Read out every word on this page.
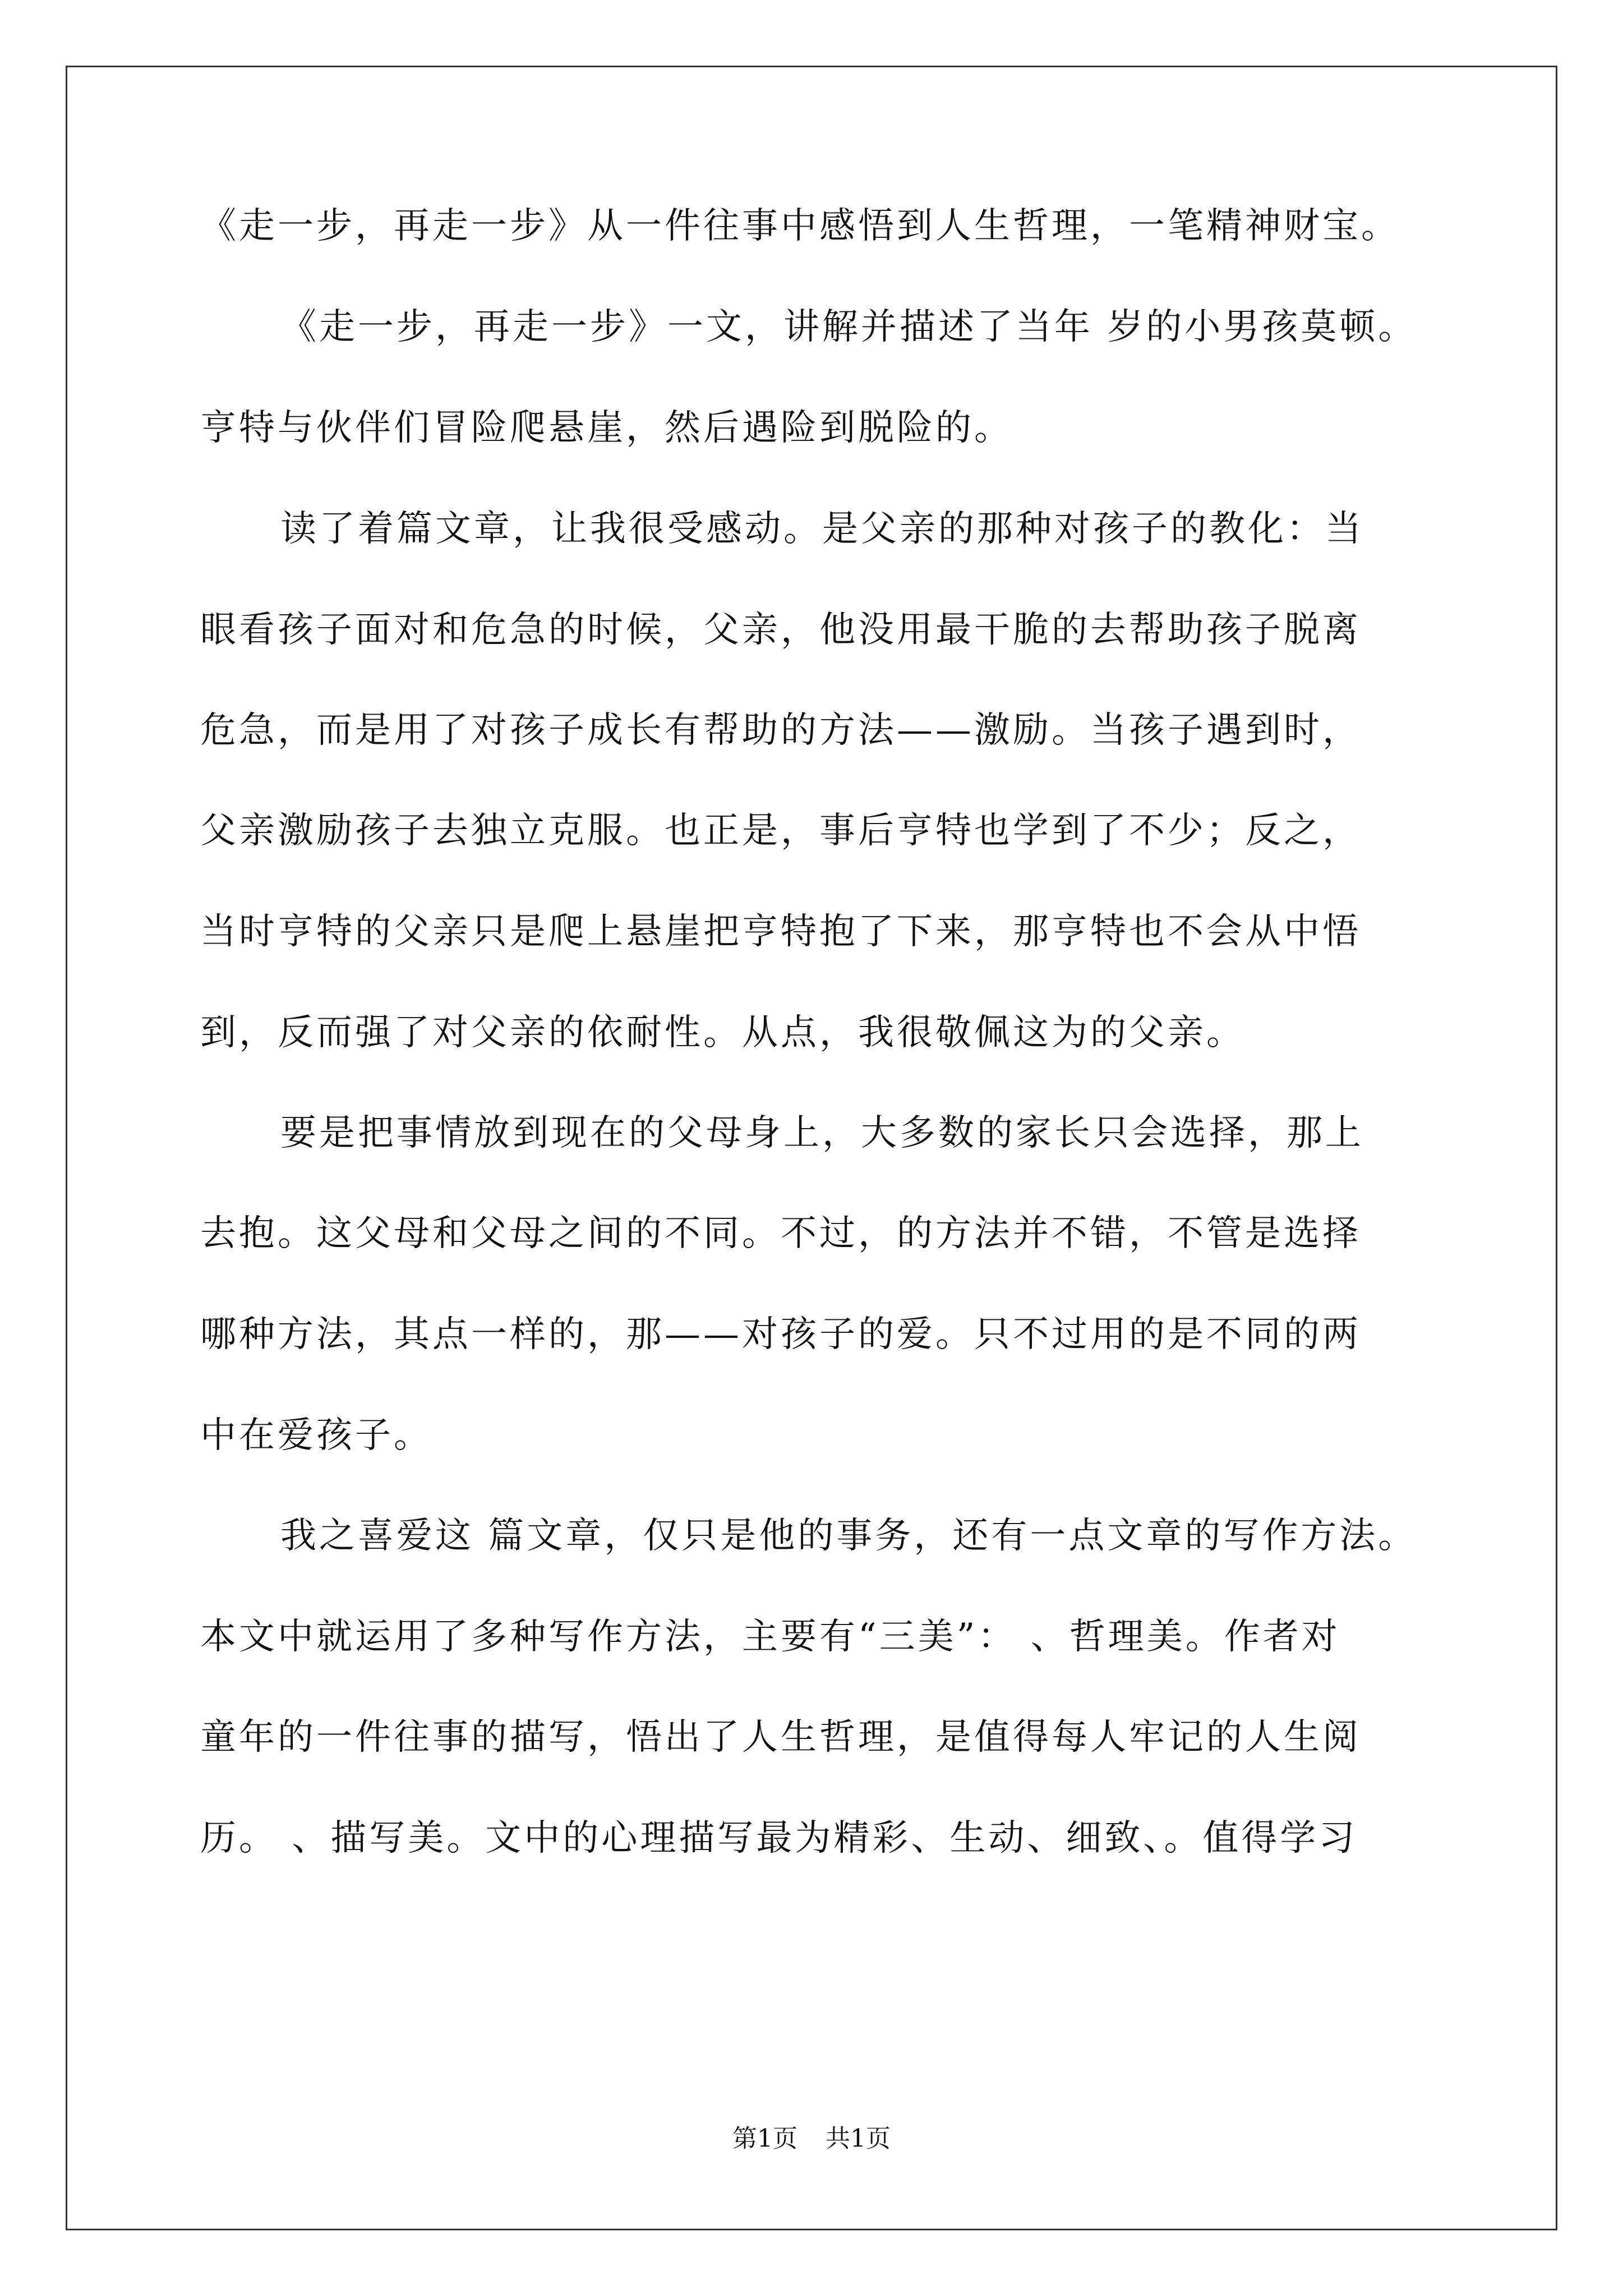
《走一步，再走一步》从一件往事中感悟到人生哲理，一笔精神财宝。
《走一步，再走一步》一文，讲解并描述了当年 岁的小男孩莫顿。
亨特与伙伴们冒险爬悬崖，然后遇险到脱险的。
读了着篇文章，让我很受感动。是父亲的那种对孩子的教化：当
眼看孩子面对和危急的时候，父亲，他没用最干脆的去帮助孩子脱离
危急，而是用了对孩子成长有帮助的方法——激励。当孩子遇到时，
父亲激励孩子去独立克服。也正是，事后亨特也学到了不少；反之，
当时亨特的父亲只是爬上悬崖把亨特抱了下来，那亨特也不会从中悟
到，反而强了对父亲的依耐性。从点，我很敬佩这为的父亲。
要是把事情放到现在的父母身上，大多数的家长只会选择，那上
去抱。这父母和父母之间的不同。不过，的方法并不错，不管是选择
哪种方法，其点一样的，那——对孩子的爱。只不过用的是不同的两
中在爱孩子。
我之喜爱这 篇文章，仅只是他的事务，还有一点文章的写作方法。
本文中就运用了多种写作方法，主要有“三美”： 、哲理美。作者对
童年的一件往事的描写，悟出了人生哲理，是值得每人牢记的人生阅
历。 、描写美。文中的心理描写最为精彩、生动、细致、。值得学习
第1页 共1页
